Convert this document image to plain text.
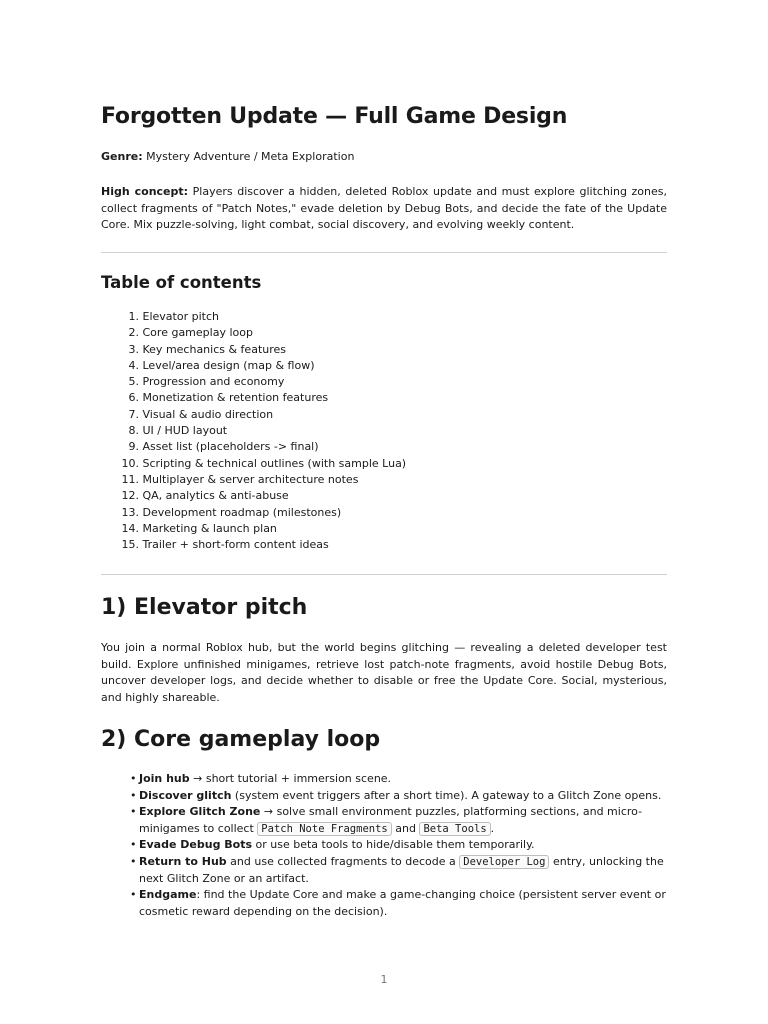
Forgotten Update — Full Game Design

Genre: Mystery Adventure / Meta Exploration

High concept: Players discover a hidden, deleted Roblox update and must explore glitching zones, collect fragments of "Patch Notes," evade deletion by Debug Bots, and decide the fate of the Update Core. Mix puzzle-solving, light combat, social discovery, and evolving weekly content.

Table of contents
1. Elevator pitch
2. Core gameplay loop
3. Key mechanics & features
4. Level/area design (map & flow)
5. Progression and economy
6. Monetization & retention features
7. Visual & audio direction
8. UI / HUD layout
9. Asset list (placeholders -> final)
10. Scripting & technical outlines (with sample Lua)
11. Multiplayer & server architecture notes
12. QA, analytics & anti-abuse
13. Development roadmap (milestones)
14. Marketing & launch plan
15. Trailer + short-form content ideas
1) Elevator pitch

You join a normal Roblox hub, but the world begins glitching — revealing a deleted developer test build. Explore unfinished minigames, retrieve lost patch-note fragments, avoid hostile Debug Bots, uncover developer logs, and decide whether to disable or free the Update Core. Social, mysterious, and highly shareable.

2) Core gameplay loop
• Join hub → short tutorial + immersion scene.
• Discover glitch (system event triggers after a short time). A gateway to a Glitch Zone opens.
• Explore Glitch Zone → solve small environment puzzles, platforming sections, and micro-minigames to collect Patch Note Fragments and Beta Tools .
• Evade Debug Bots or use beta tools to hide/disable them temporarily.
• Return to Hub and use collected fragments to decode a Developer Log entry, unlocking the next Glitch Zone or an artifact.
• Endgame: find the Update Core and make a game-changing choice (persistent server event or cosmetic reward depending on the decision).
1
